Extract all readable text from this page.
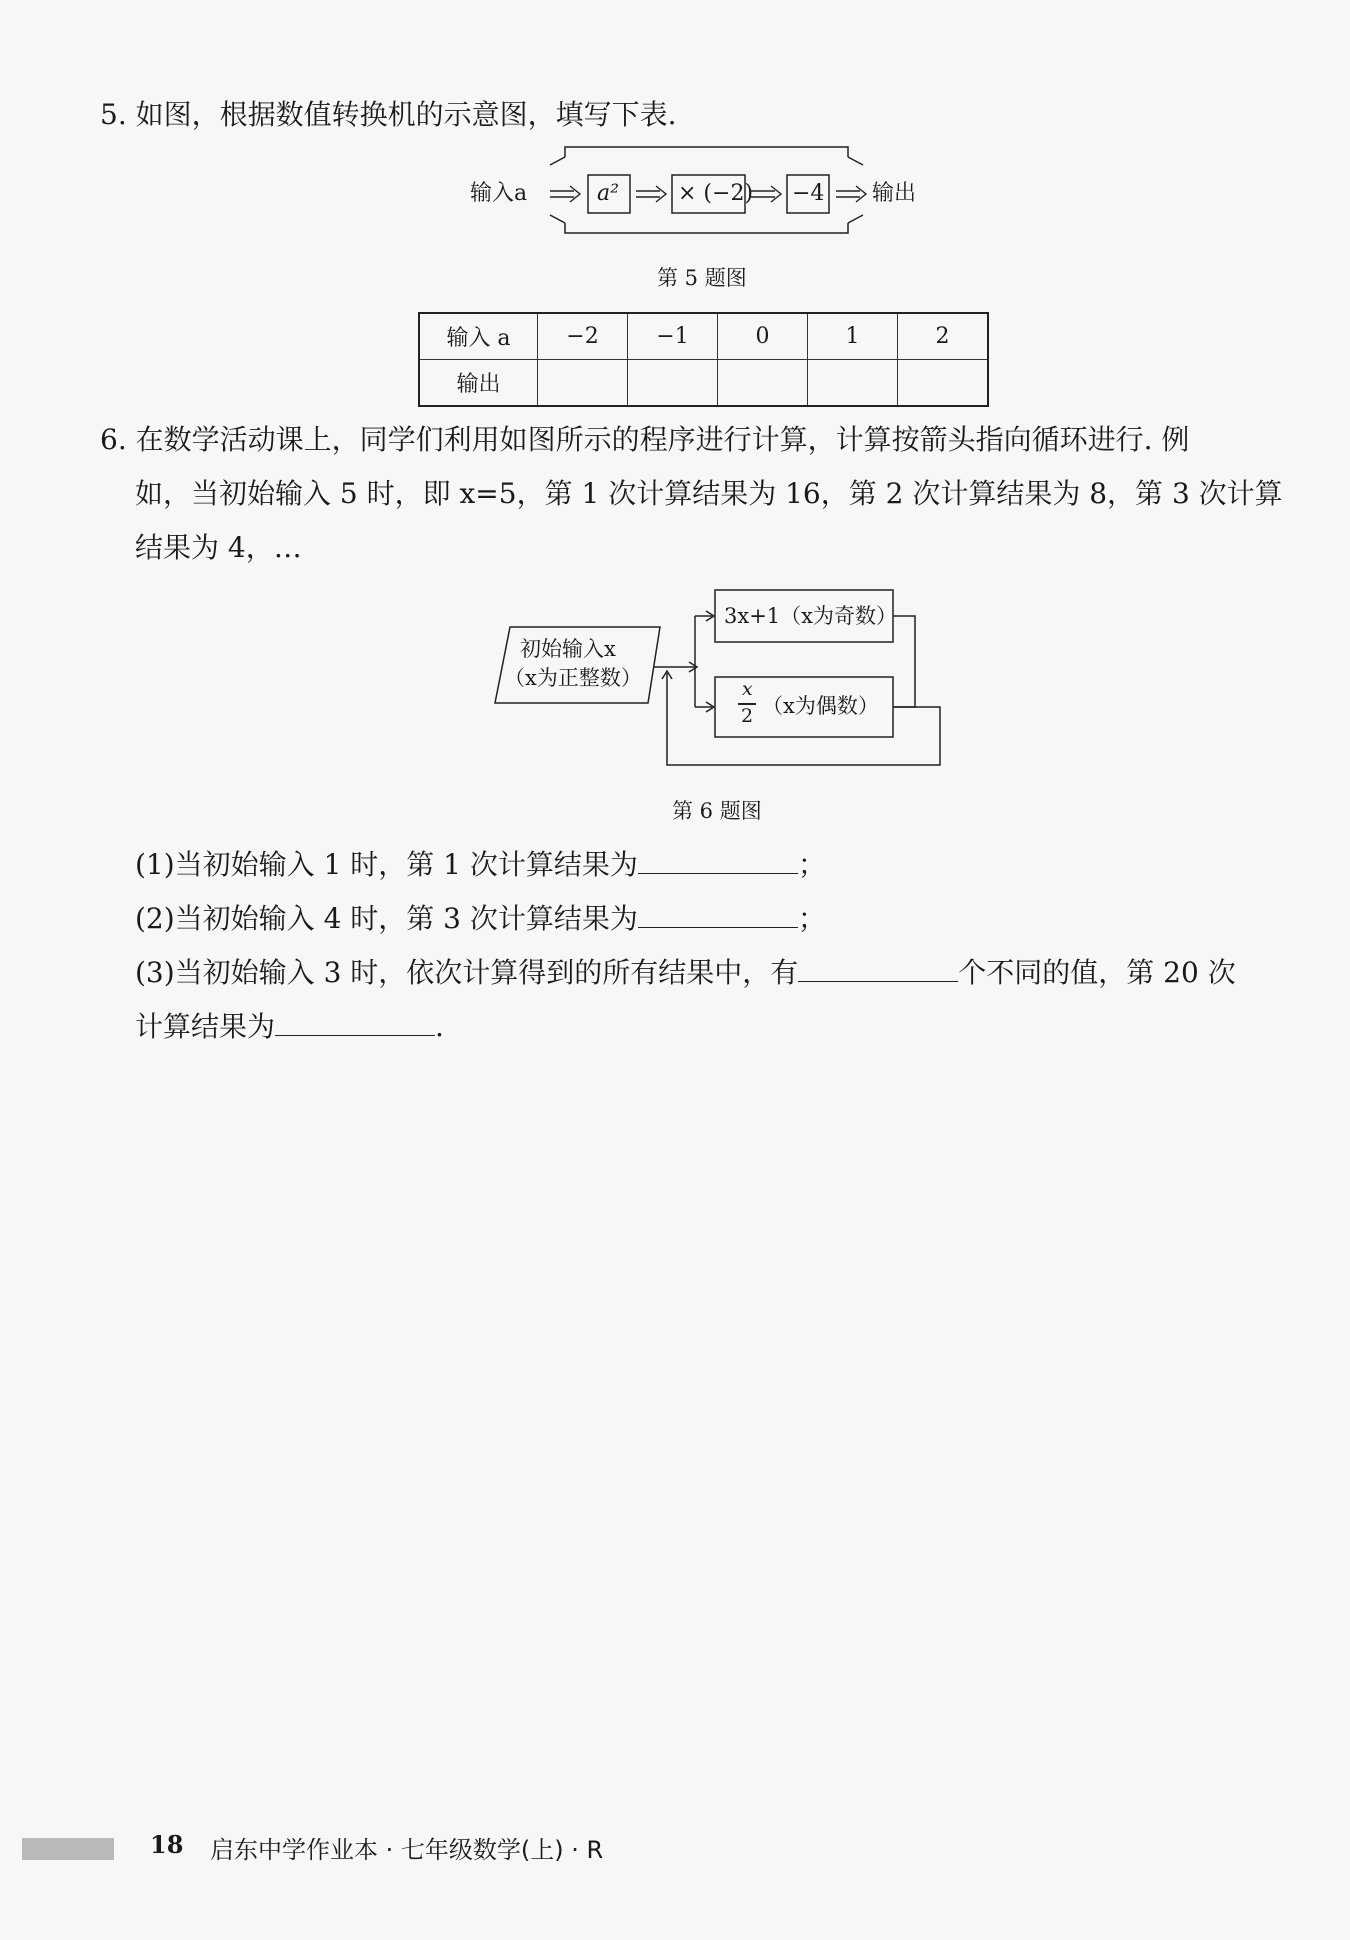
5. 如图，根据数值转换机的示意图，填写下表.
输入a	a²	× (−2) −4 输出
第 5 题图
输入 a	−2	−1	0	1	2
输出					
6. 在数学活动课上，同学们利用如图所示的程序进行计算，计算按箭头指向循环进行. 例
如，当初始输入 5 时，即 x=5，第 1 次计算结果为 16，第 2 次计算结果为 8，第 3 次计算
结果为 4，…
初始输入x
（x为正整数）
3x+1（x为奇数）
x
2 （x为偶数）
第 6 题图
(1)当初始输入 1 时，第 1 次计算结果为	；
(2)当初始输入 4 时，第 3 次计算结果为	；
(3)当初始输入 3 时，依次计算得到的所有结果中，有	个不同的值，第 20 次
计算结果为	.
18 启东中学作业本 · 七年级数学(上) · R
